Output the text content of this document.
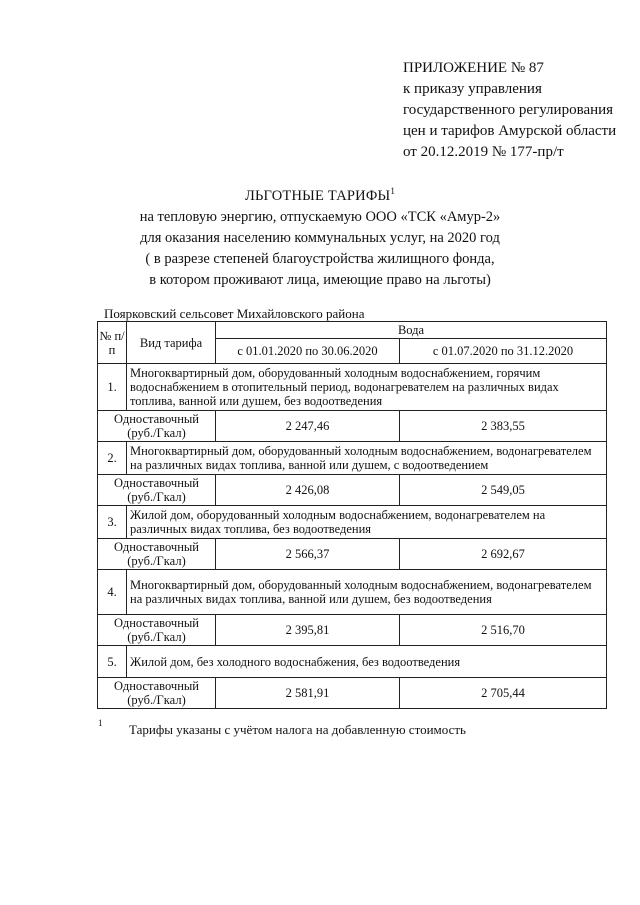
ПРИЛОЖЕНИЕ № 87
к приказу управления
государственного регулирования
цен и тарифов Амурской области
от 20.12.2019 № 177-пр/т
ЛЬГОТНЫЕ ТАРИФЫ$^1$
на тепловую энергию, отпускаемую ООО «ТСК «Амур-2»
для оказания населению коммунальных услуг, на 2020 год
( в разрезе степеней благоустройства жилищного фонда,
в котором проживают лица, имеющие право на льготы)
Поярковский сельсовет Михайловского района
№ п/п	Вид тарифа	Вода	
		с 01.01.2020 по 30.06.2020	с 01.07.2020 по 31.12.2020
1.	Многоквартирный дом, оборудованный холодным водоснабжением, горячим водоснабжением в отопительный период, водонагревателем на различных видах топлива, ванной или душем, без водоотведения		
Одноставочный
(руб./Гкал)		2 247,46	2 383,55
2.	Многоквартирный дом, оборудованный холодным водоснабжением, водонагревателем на различных видах топлива, ванной или душем, с водоотведением		
Одноставочный
(руб./Гкал)		2 426,08	2 549,05
3.	Жилой дом, оборудованный холодным водоснабжением, водонагревателем на различных видах топлива, без водоотведения		
Одноставочный
(руб./Гкал)		2 566,37	2 692,67
4.	Многоквартирный дом, оборудованный холодным водоснабжением, водонагревателем на различных видах топлива, ванной или душем, без водоотведения		
Одноставочный
(руб./Гкал)		2 395,81	2 516,70
5.	Жилой дом, без холодного водоснабжения, без водоотведения		
Одноставочный
(руб./Гкал)		2 581,91	2 705,44
1 Тарифы указаны с учётом налога на добавленную стоимость
